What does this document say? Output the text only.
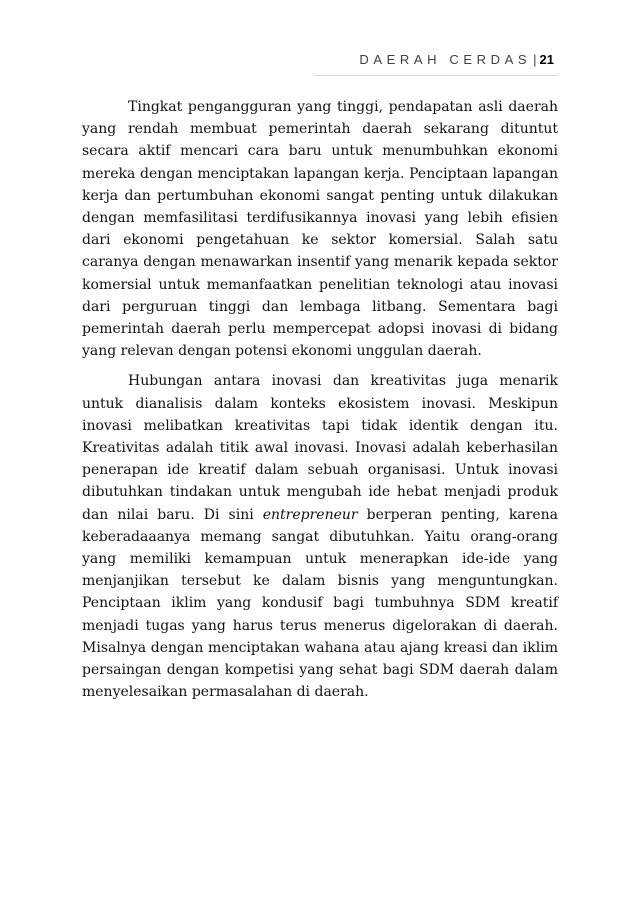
DAERAH CERDAS | 21

Tingkat pengangguran yang tinggi, pendapatan asli daerah yang rendah membuat pemerintah daerah sekarang dituntut secara aktif mencari cara baru untuk menumbuhkan ekonomi mereka dengan menciptakan lapangan kerja. Penciptaan lapangan kerja dan pertumbuhan ekonomi sangat penting untuk dilakukan dengan memfasilitasi terdifusikannya inovasi yang lebih efisien dari ekonomi pengetahuan ke sektor komersial. Salah satu caranya dengan menawarkan insentif yang menarik kepada sektor komersial untuk memanfaatkan penelitian teknologi atau inovasi dari perguruan tinggi dan lembaga litbang. Sementara bagi pemerintah daerah perlu mempercepat adopsi inovasi di bidang yang relevan dengan potensi ekonomi unggulan daerah.

Hubungan antara inovasi dan kreativitas juga menarik untuk dianalisis dalam konteks ekosistem inovasi. Meskipun inovasi melibatkan kreativitas tapi tidak identik dengan itu. Kreativitas adalah titik awal inovasi. Inovasi adalah keberhasilan penerapan ide kreatif dalam sebuah organisasi. Untuk inovasi dibutuhkan tindakan untuk mengubah ide hebat menjadi produk dan nilai baru. Di sini entrepreneur berperan penting, karena keberadaaanya memang sangat dibutuhkan. Yaitu orang-orang yang memiliki kemampuan untuk menerapkan ide-ide yang menjanjikan tersebut ke dalam bisnis yang menguntungkan. Penciptaan iklim yang kondusif bagi tumbuhnya SDM kreatif menjadi tugas yang harus terus menerus digelorakan di daerah. Misalnya dengan menciptakan wahana atau ajang kreasi dan iklim persaingan dengan kompetisi yang sehat bagi SDM daerah dalam menyelesaikan permasalahan di daerah.
